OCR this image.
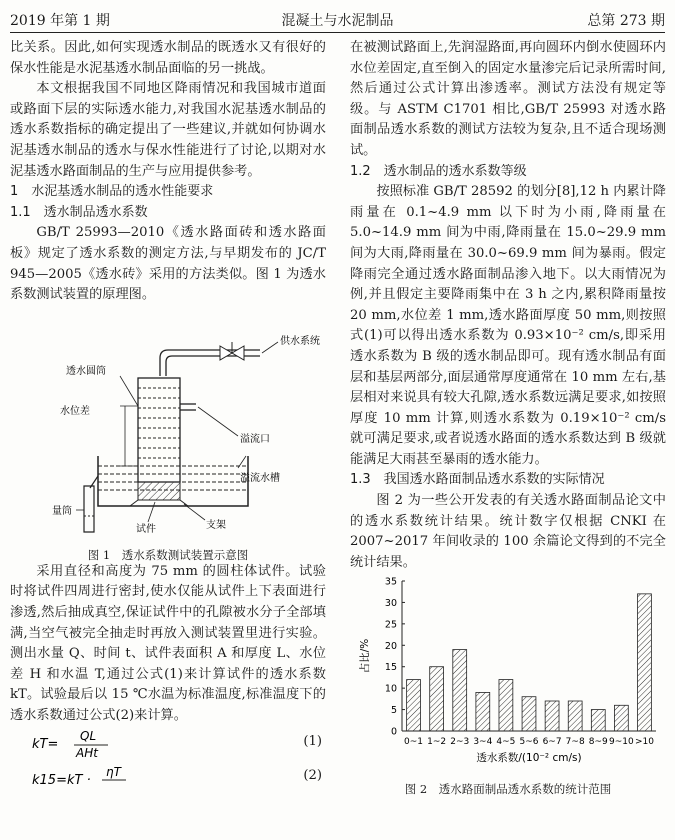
2019 年第 1 期	混凝土与水泥制品	总第 273 期

比关系。因此,如何实现透水制品的既透水又有很好的保水性能是水泥基透水制品面临的另一挑战。

本文根据我国不同地区降雨情况和我国城市道面或路面下层的实际透水能力,对我国水泥基透水制品的透水系数指标的确定提出了一些建议,并就如何协调水泥基透水制品的透水与保水性能进行了讨论,以期对水泥基透水路面制品的生产与应用提供参考。

1　水泥基透水制品的透水性能要求

1.1　透水制品透水系数

GB/T 25993—2010《透水路面砖和透水路面板》规定了透水系数的测定方法,与早期发布的 JC/T 945—2005《透水砖》采用的方法类似。图 1 为透水系数测试装置的原理图。

供水系统
透水圆筒
溢流口
水位差
溢流水槽
试件	支架
量筒
图 1　透水系数测试装置示意图

采用直径和高度为 75 mm 的圆柱体试件。试验时将试件四周进行密封,使水仅能从试件上下表面进行渗透,然后抽成真空,保证试件中的孔隙被水分子全部填满,当空气被完全抽走时再放入测试装置里进行实验。测出水量 Q、时间 t、试件表面积 A 和厚度 L、水位差 H 和水温 T,通过公式(1)来计算试件的透水系数 kT。试验最后以 15 ℃水温为标准温度,标准温度下的透水系数通过公式(2)来计算。

kT=
QL
AHt
(1)
k15=kT ·
ηT	(2)

在被测试路面上,先润湿路面,再向圆环内倒水使圆环内水位差固定,直至倒入的固定水量渗完后记录所需时间,然后通过公式计算出渗透率。测试方法没有规定等级。与 ASTM C1701 相比,GB/T 25993 对透水路面制品透水系数的测试方法较为复杂,且不适合现场测试。

1.2　透水制品的透水系数等级

按照标准 GB/T 28592 的划分[8],12 h 内累计降雨量在 0.1~4.9 mm 以下时为小雨,降雨量在 5.0~14.9 mm 间为中雨,降雨量在 15.0~29.9 mm 间为大雨,降雨量在 30.0~69.9 mm 间为暴雨。假定降雨完全通过透水路面制品渗入地下。以大雨情况为例,并且假定主要降雨集中在 3 h 之内,累积降雨量按 20 mm,水位差 1 mm,透水路面厚度 50 mm,则按照式(1)可以得出透水系数为 0.93×10⁻² cm/s,即采用透水系数为 B 级的透水制品即可。现有透水制品有面层和基层两部分,面层通常厚度通常在 10 mm 左右,基层相对来说具有较大孔隙,透水系数远满足要求,如按照厚度 10 mm 计算,则透水系数为 0.19×10⁻² cm/s 就可满足要求,或者说透水路面的透水系数达到 B 级就能满足大雨甚至暴雨的透水能力。

1.3　我国透水路面制品透水系数的实际情况

图 2 为一些公开发表的有关透水路面制品论文中的透水系数统计结果。统计数字仅根据 CNKI 在 2007~2017 年间收录的 100 余篇论文得到的不完全统计结果。

0
5
10
15
20
25
30
35
占比/%
0~1 1~2 2~3 3~4 4~5 5~6 6~7 7~8 8~9 9~10 >10
透水系数/(10⁻² cm/s)
图 2　透水路面制品透水系数的统计范围
